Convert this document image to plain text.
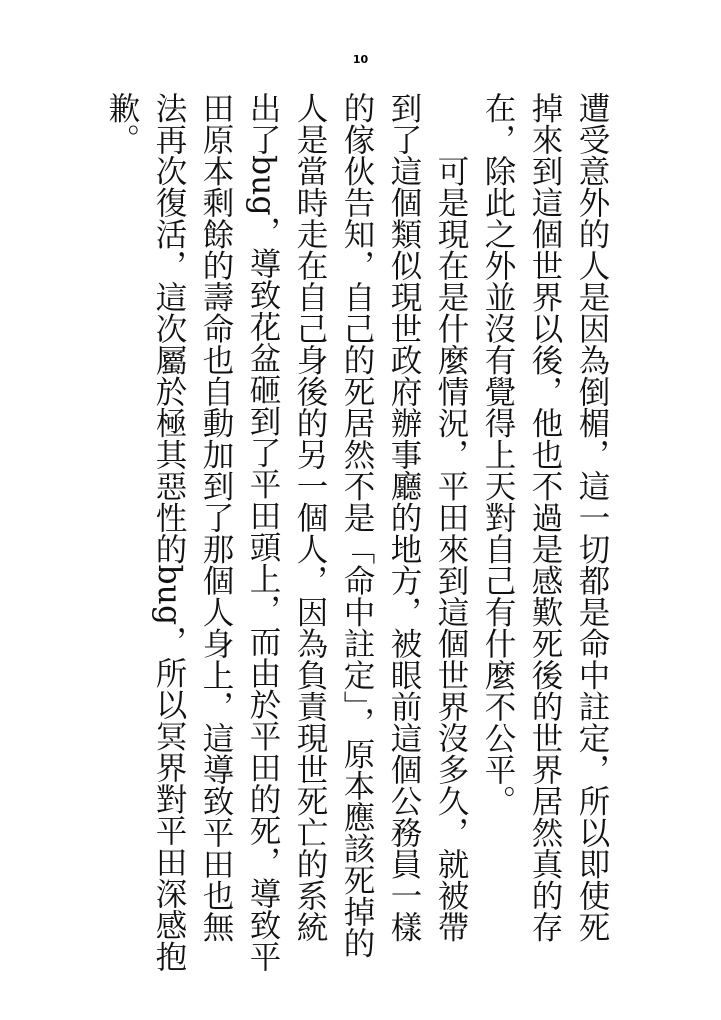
10

遭受意外的人是因為倒楣，這一切都是命中註定，所以即使死掉來到這個世界以後，他也不過是感歎死後的世界居然真的存在，除此之外並沒有覺得上天對自己有什麼不公平。

可是現在是什麼情況，平田來到這個世界沒多久，就被帶到了這個類似現世政府辦事廳的地方，被眼前這個公務員一樣的傢伙告知，自己的死居然不是「命中註定」，原本應該死掉的人是當時走在自己身後的另一個人，因為負責現世死亡的系統出了bug，導致花盆砸到了平田頭上，而由於平田的死，導致平田原本剩餘的壽命也自動加到了那個人身上，這導致平田也無法再次復活，這次屬於極其惡性的bug，所以冥界對平田深感抱歉。
